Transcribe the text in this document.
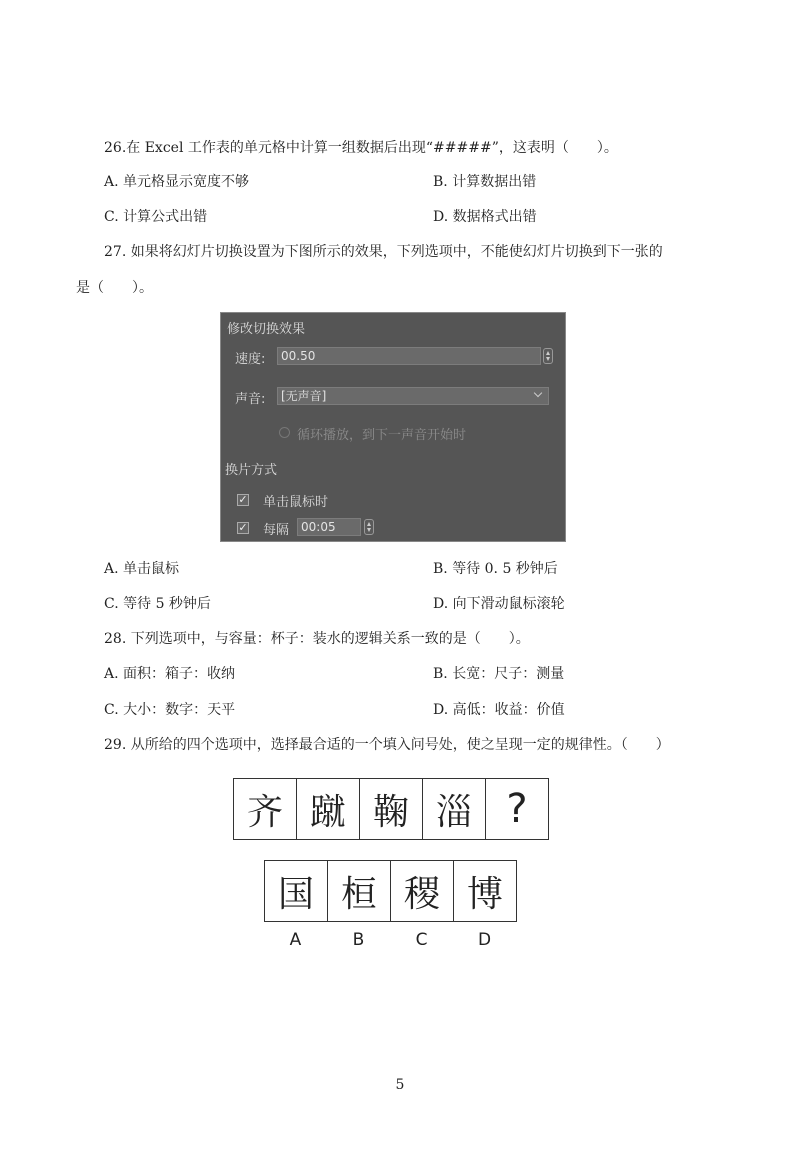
26.在 Excel 工作表的单元格中计算一组数据后出现“#####”，这表明（　　）。
A. 单元格显示宽度不够	B. 计算数据出错
C. 计算公式出错	D. 数据格式出错
27. 如果将幻灯片切换设置为下图所示的效果，下列选项中，不能使幻灯片切换到下一张的
是（　　）。
修改切换效果
速度:	00.50
声音:	[无声音]
循环播放，到下一声音开始时
换片方式
✓ 单击鼠标时
✓ 每隔 00:05
A. 单击鼠标	B. 等待 0. 5 秒钟后
C. 等待 5 秒钟后	D. 向下滑动鼠标滚轮
28. 下列选项中，与容量：杯子：装水的逻辑关系一致的是（　　）。
A. 面积：箱子：收纳	B. 长宽：尺子：测量
C. 大小：数字：天平	D. 高低：收益：价值
29. 从所给的四个选项中，选择最合适的一个填入问号处，使之呈现一定的规律性。（　　）
齐 蹴 鞠 淄 ?
国 桓 稷 博
A	B	C	D
5
